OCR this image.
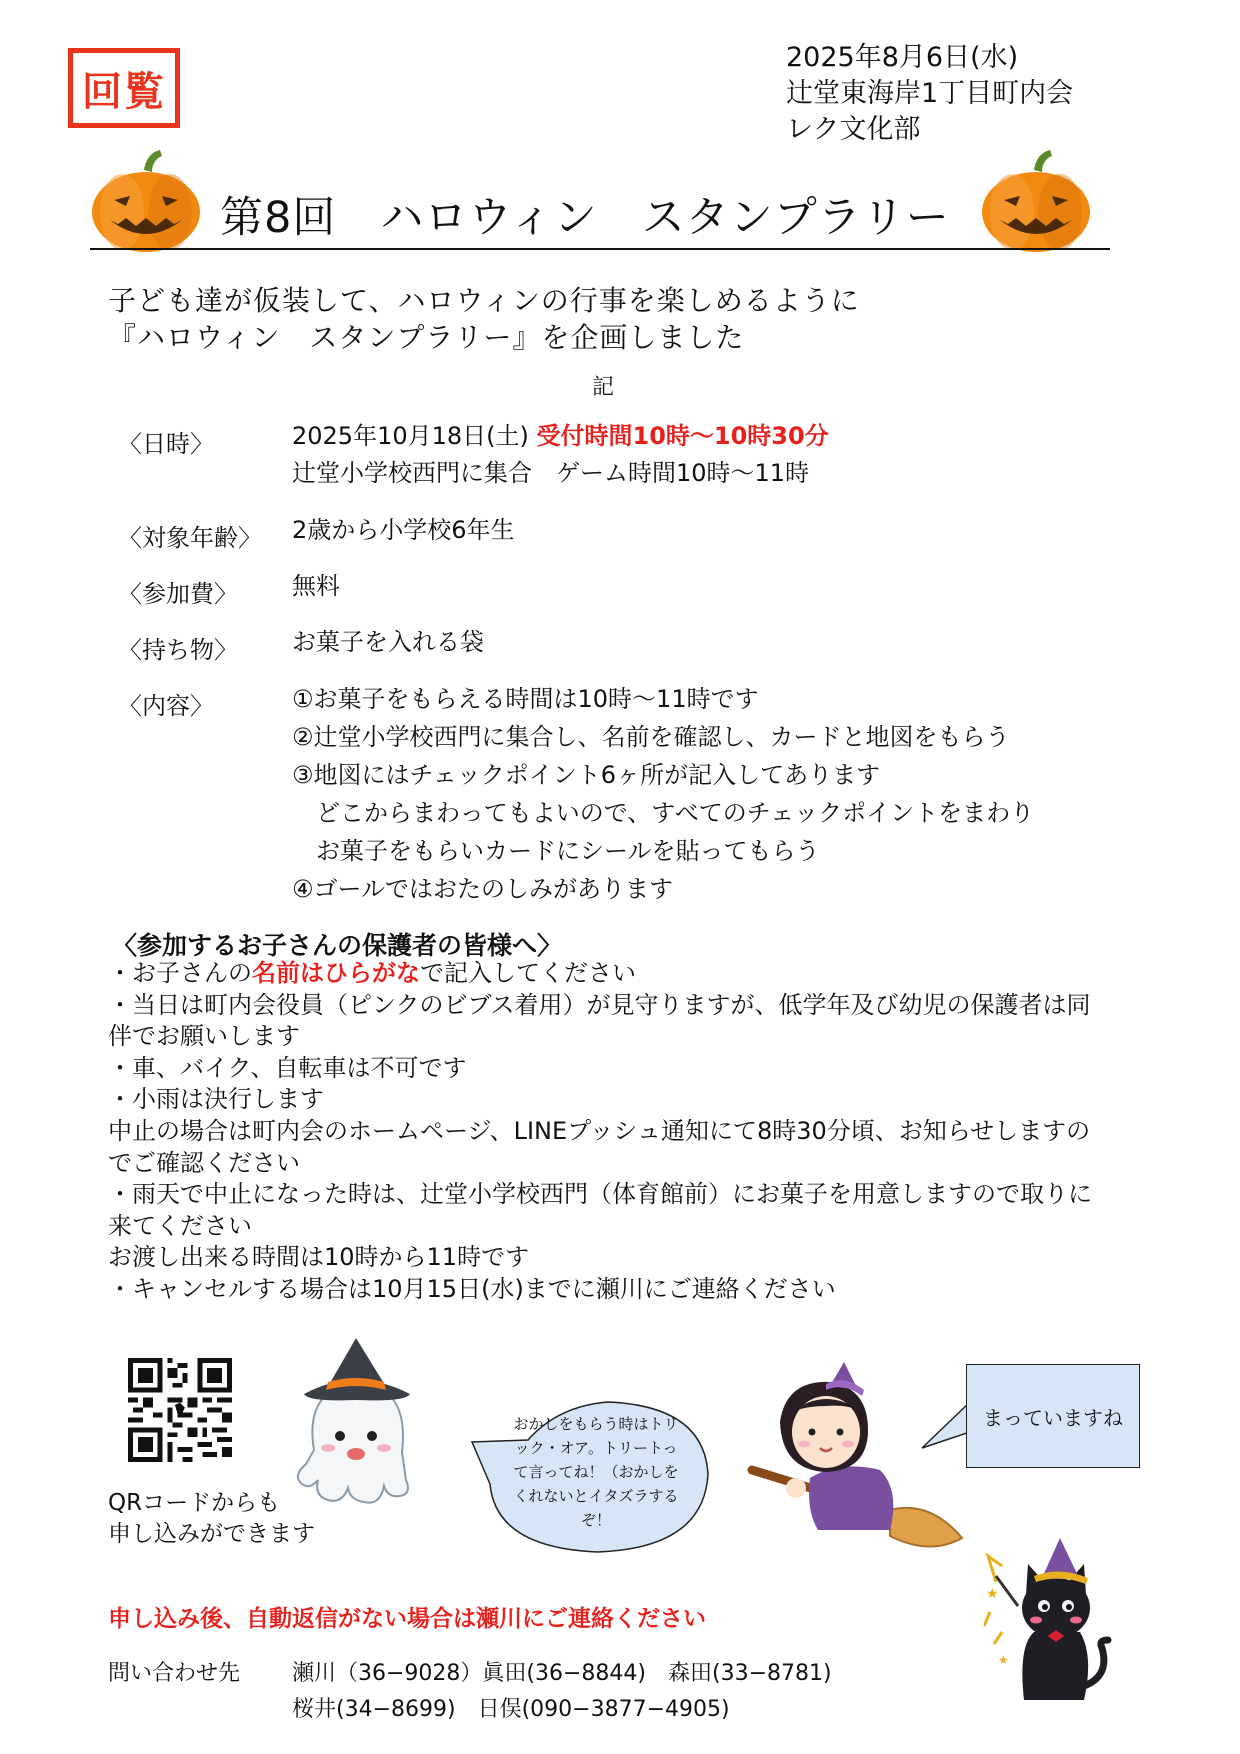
回覧
2025年8月6日(水)
辻堂東海岸1丁目町内会
レク文化部
第8回　ハロウィン　スタンプラリー
子ども達が仮装して、ハロウィンの行事を楽しめるように
『ハロウィン　スタンプラリー』を企画しました
記
〈日時〉	2025年10月18日(土) 受付時間10時〜10時30分
辻堂小学校西門に集合　ゲーム時間10時〜11時
〈対象年齢〉 2歳から小学校6年生
〈参加費〉 無料
〈持ち物〉 お菓子を入れる袋
〈内容〉	①お菓子をもらえる時間は10時〜11時です
②辻堂小学校西門に集合し、名前を確認し、カードと地図をもらう
③地図にはチェックポイント6ヶ所が記入してあります
　どこからまわってもよいので、すべてのチェックポイントをまわり
　お菓子をもらいカードにシールを貼ってもらう
④ゴールではおたのしみがあります
〈参加するお子さんの保護者の皆様へ〉
・お子さんの名前はひらがなで記入してください
・当日は町内会役員（ピンクのビブス着用）が見守りますが、低学年及び幼児の保護者は同伴でお願いします
・車、バイク、自転車は不可です
・小雨は決行します
中止の場合は町内会のホームページ、LINEプッシュ通知にて8時30分頃、お知らせしますのでご確認ください
・雨天で中止になった時は、辻堂小学校西門（体育館前）にお菓子を用意しますので取りに来てください
お渡し出来る時間は10時から11時です
・キャンセルする場合は10月15日(水)までに瀬川にご連絡ください
QRコードからも
申し込みができます
おかしをもらう時はトリック・オア。トリートって言ってね！（おかしをくれないとイタズラするぞ！
まっていますね
★
★
申し込み後、自動返信がない場合は瀬川にご連絡ください
問い合わせ先	瀬川（36−9028）眞田(36−8844)　森田(33−8781)
桜井(34−8699)　日俣(090−3877−4905)
